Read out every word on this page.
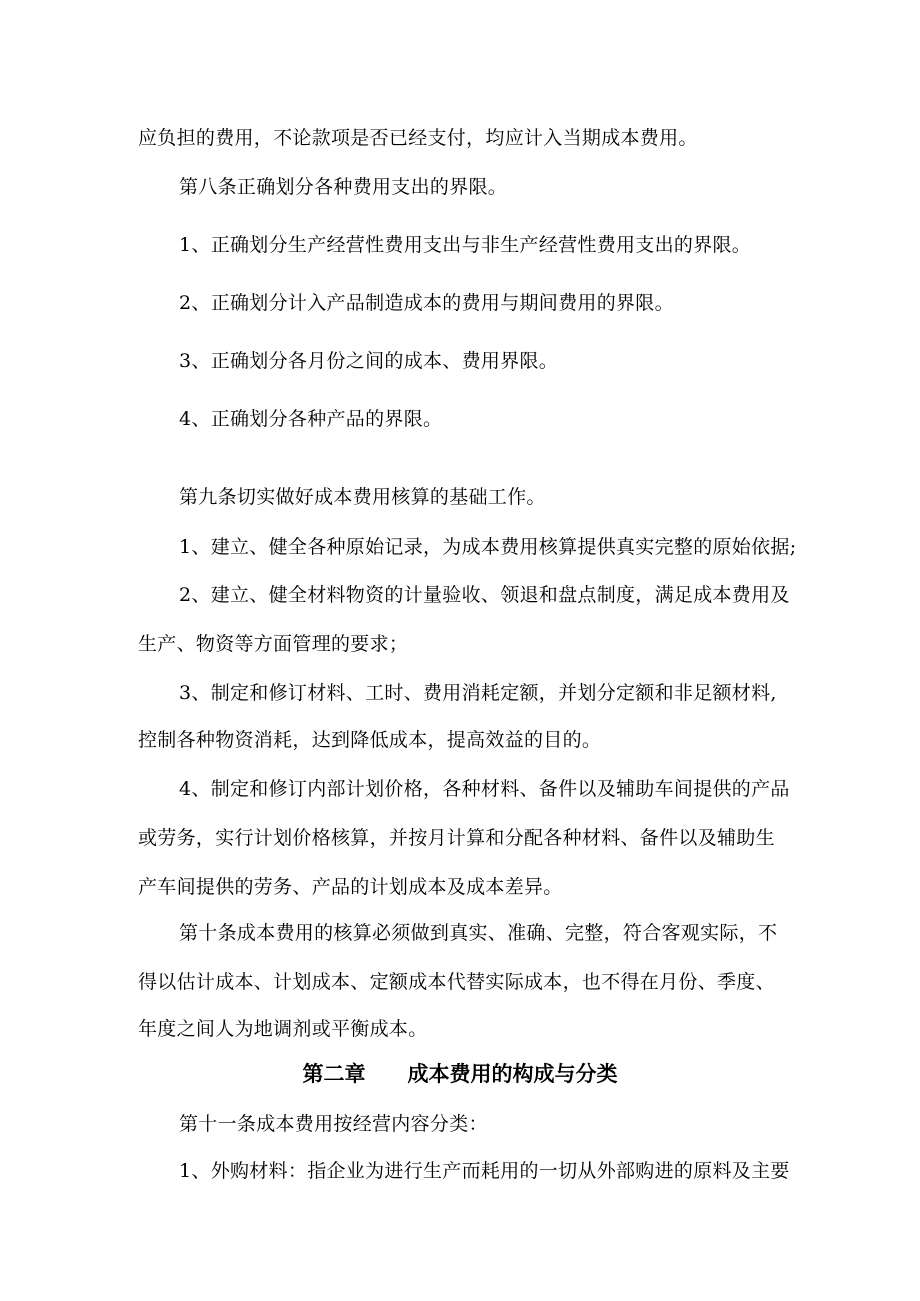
应负担的费用，不论款项是否已经支付，均应计入当期成本费用。
第八条正确划分各种费用支出的界限。
1、正确划分生产经营性费用支出与非生产经营性费用支出的界限。
2、正确划分计入产品制造成本的费用与期间费用的界限。
3、正确划分各月份之间的成本、费用界限。
4、正确划分各种产品的界限。
第九条切实做好成本费用核算的基础工作。
1、建立、健全各种原始记录，为成本费用核算提供真实完整的原始依据;
2、建立、健全材料物资的计量验收、领退和盘点制度，满足成本费用及
生产、物资等方面管理的要求；
3、制定和修订材料、工时、费用消耗定额，并划分定额和非足额材料,
控制各种物资消耗，达到降低成本，提高效益的目的。
4、制定和修订内部计划价格，各种材料、备件以及辅助车间提供的产品
或劳务，实行计划价格核算，并按月计算和分配各种材料、备件以及辅助生
产车间提供的劳务、产品的计划成本及成本差异。
第十条成本费用的核算必须做到真实、准确、完整，符合客观实际，不
得以估计成本、计划成本、定额成本代替实际成本，也不得在月份、季度、
年度之间人为地调剂或平衡成本。
第二章 成本费用的构成与分类
第十一条成本费用按经营内容分类：
1、外购材料：指企业为进行生产而耗用的一切从外部购进的原料及主要
